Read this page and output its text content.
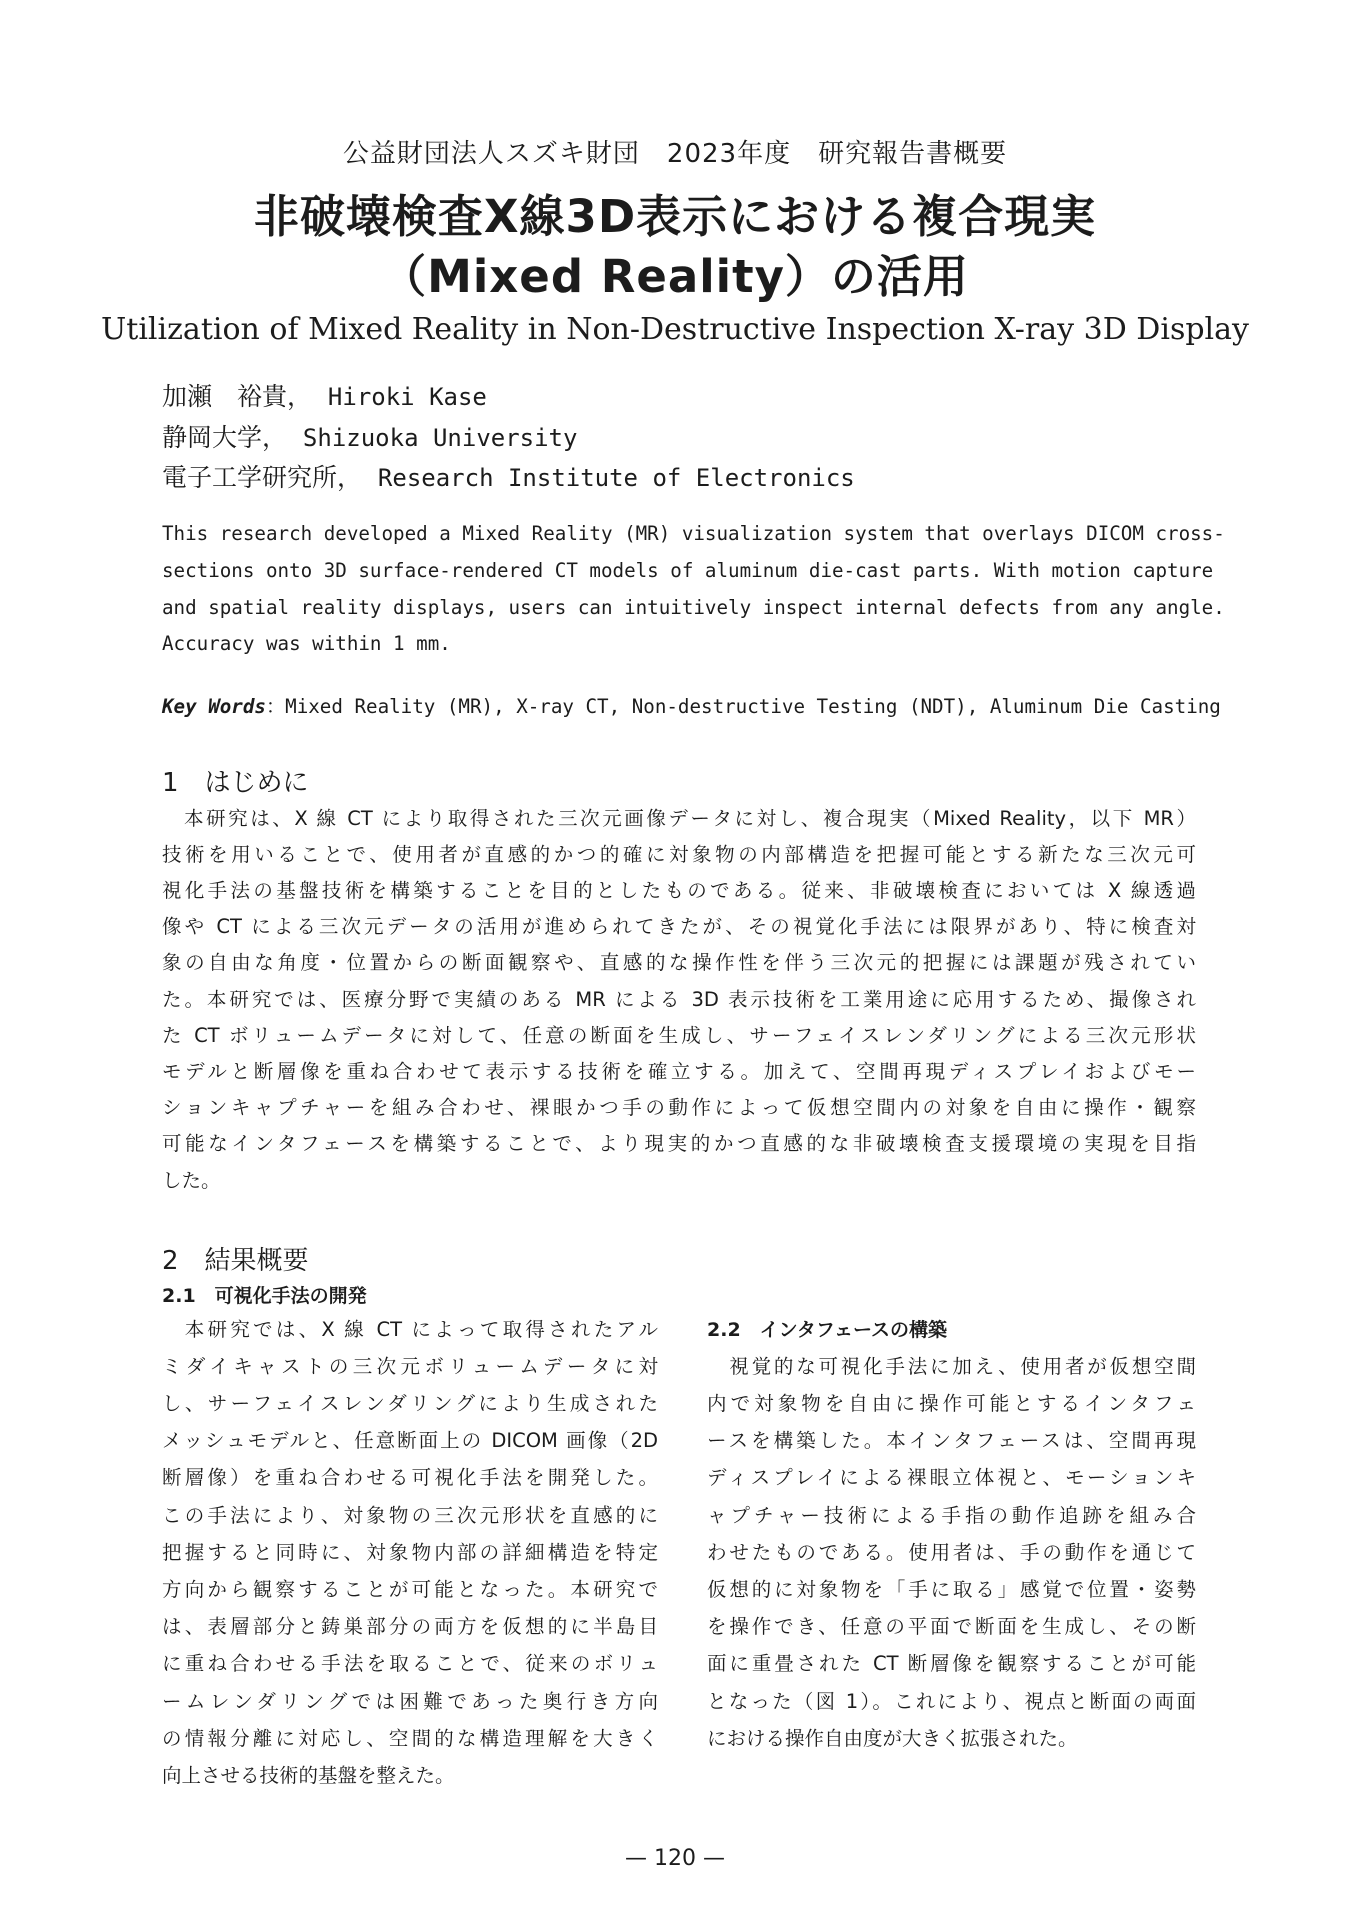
公益財団法人スズキ財団　2023年度　研究報告書概要
非破壊検査X線3D表示における複合現実
（Mixed Reality）の活用
Utilization of Mixed Reality in Non-Destructive Inspection X-ray 3D Display
加瀬　裕貴， Hiroki Kase
静岡大学， Shizuoka University
電子工学研究所， Research Institute of Electronics
This research developed a Mixed Reality (MR) visualization system that overlays DICOM cross-
sections onto 3D surface-rendered CT models of aluminum die-cast parts. With motion capture
and spatial reality displays, users can intuitively inspect internal defects from any angle.
Accuracy was within 1 mm.
Key Words：Mixed Reality (MR), X-ray CT, Non-destructive Testing (NDT), Aluminum Die Casting
1　はじめに
　本研究は、X 線 CT により取得された三次元画像データに対し、複合現実（Mixed Reality，以下 MR）
技術を用いることで、使用者が直感的かつ的確に対象物の内部構造を把握可能とする新たな三次元可
視化手法の基盤技術を構築することを目的としたものである。従来、非破壊検査においては X 線透過
像や CT による三次元データの活用が進められてきたが、その視覚化手法には限界があり、特に検査対
象の自由な角度・位置からの断面観察や、直感的な操作性を伴う三次元的把握には課題が残されてい
た。本研究では、医療分野で実績のある MR による 3D 表示技術を工業用途に応用するため、撮像され
た CT ボリュームデータに対して、任意の断面を生成し、サーフェイスレンダリングによる三次元形状
モデルと断層像を重ね合わせて表示する技術を確立する。加えて、空間再現ディスプレイおよびモー
ションキャプチャーを組み合わせ、裸眼かつ手の動作によって仮想空間内の対象を自由に操作・観察
可能なインタフェースを構築することで、より現実的かつ直感的な非破壊検査支援環境の実現を目指
した。
2　結果概要
2.1　可視化手法の開発
　本研究では、X 線 CT によって取得されたアル
ミダイキャストの三次元ボリュームデータに対
し、サーフェイスレンダリングにより生成された
メッシュモデルと、任意断面上の DICOM 画像（2D
断層像）を重ね合わせる可視化手法を開発した。
この手法により、対象物の三次元形状を直感的に
把握すると同時に、対象物内部の詳細構造を特定
方向から観察することが可能となった。本研究で
は、表層部分と鋳巣部分の両方を仮想的に半島目
に重ね合わせる手法を取ることで、従来のボリュ
ームレンダリングでは困難であった奥行き方向
の情報分離に対応し、空間的な構造理解を大きく
向上させる技術的基盤を整えた。
2.2　インタフェースの構築
　視覚的な可視化手法に加え、使用者が仮想空間
内で対象物を自由に操作可能とするインタフェ
ースを構築した。本インタフェースは、空間再現
ディスプレイによる裸眼立体視と、モーションキ
ャプチャー技術による手指の動作追跡を組み合
わせたものである。使用者は、手の動作を通じて
仮想的に対象物を「手に取る」感覚で位置・姿勢
を操作でき、任意の平面で断面を生成し、その断
面に重畳された CT 断層像を観察することが可能
となった（図 1）。これにより、視点と断面の両面
における操作自由度が大きく拡張された。
— 120 —
